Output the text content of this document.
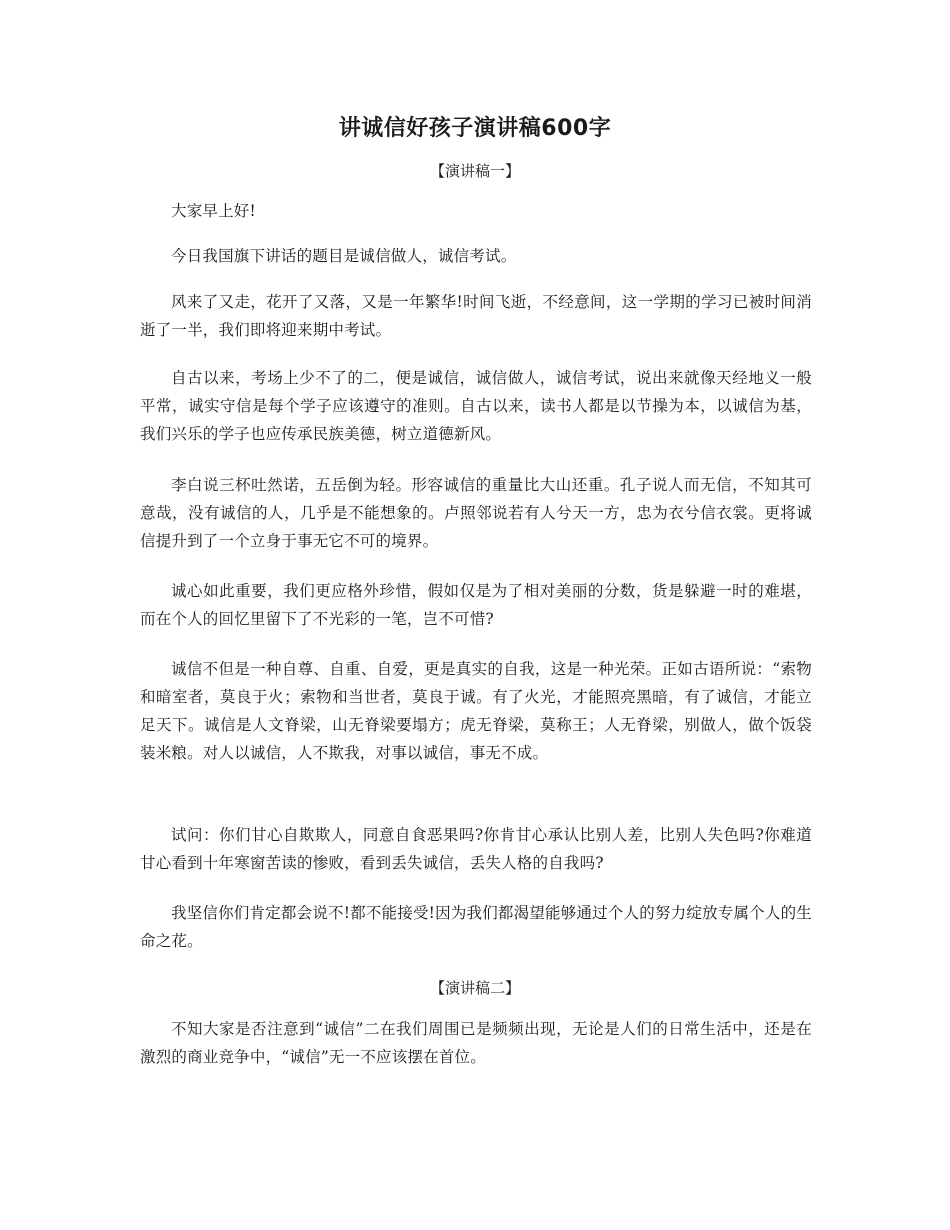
讲诚信好孩子演讲稿600字
【演讲稿一】

大家早上好!

今日我国旗下讲话的题目是诚信做人，诚信考试。

风来了又走，花开了又落，又是一年繁华!时间飞逝，不经意间，这一学期的学习已被时间消逝了一半，我们即将迎来期中考试。

自古以来，考场上少不了的二，便是诚信，诚信做人，诚信考试，说出来就像天经地义一般平常，诚实守信是每个学子应该遵守的准则。自古以来，读书人都是以节操为本，以诚信为基，我们兴乐的学子也应传承民族美德，树立道德新风。

李白说三杯吐然诺，五岳倒为轻。形容诚信的重量比大山还重。孔子说人而无信，不知其可意哉，没有诚信的人，几乎是不能想象的。卢照邻说若有人兮天一方，忠为衣兮信衣裳。更将诚信提升到了一个立身于事无它不可的境界。

诚心如此重要，我们更应格外珍惜，假如仅是为了相对美丽的分数，货是躲避一时的难堪，而在个人的回忆里留下了不光彩的一笔，岂不可惜?

诚信不但是一种自尊、自重、自爱，更是真实的自我，这是一种光荣。正如古语所说：“索物和暗室者，莫良于火；索物和当世者，莫良于诚。有了火光，才能照亮黑暗，有了诚信，才能立足天下。诚信是人文脊梁，山无脊梁要塌方；虎无脊梁，莫称王；人无脊梁，别做人，做个饭袋装米粮。对人以诚信，人不欺我，对事以诚信，事无不成。

试问：你们甘心自欺欺人，同意自食恶果吗?你肯甘心承认比别人差，比别人失色吗?你难道甘心看到十年寒窗苦读的惨败，看到丢失诚信，丢失人格的自我吗?

我坚信你们肯定都会说不!都不能接受!因为我们都渴望能够通过个人的努力绽放专属个人的生命之花。

【演讲稿二】

不知大家是否注意到“诚信”二在我们周围已是频频出现，无论是人们的日常生活中，还是在激烈的商业竞争中，“诚信”无一不应该摆在首位。
